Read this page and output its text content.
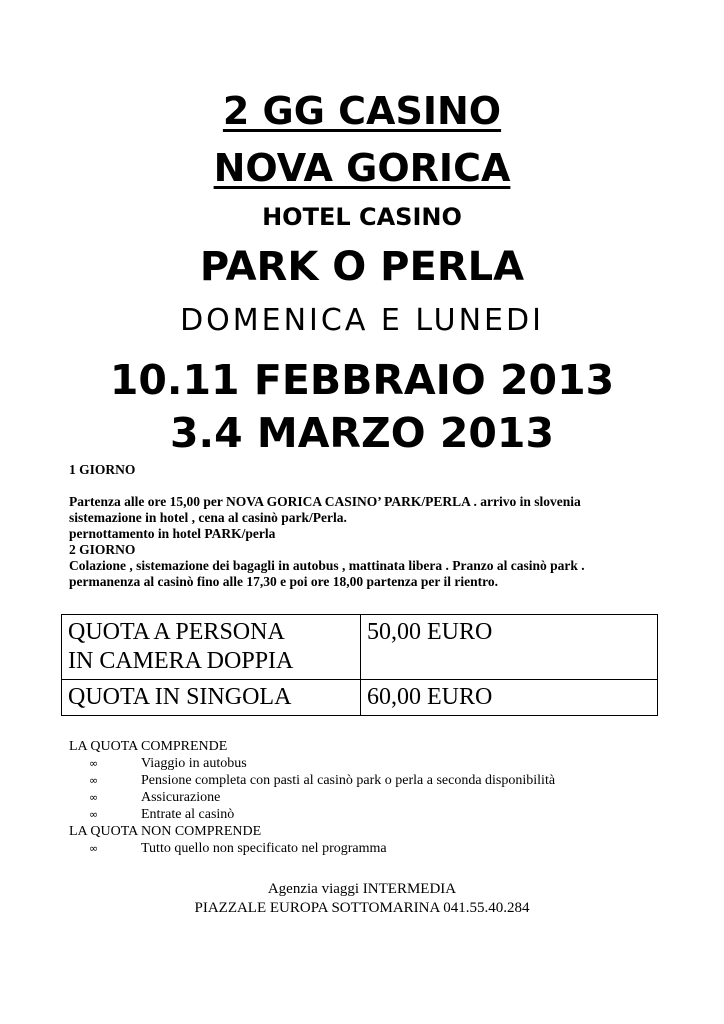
2 GG CASINO
NOVA GORICA
HOTEL CASINO
PARK O PERLA
DOMENICA E LUNEDI
10.11 FEBBRAIO 2013
3.4 MARZO 2013
1 GIORNO
Partenza alle ore 15,00 per NOVA GORICA CASINO’ PARK/PERLA . arrivo in slovenia
sistemazione in hotel , cena al casinò park/Perla.
pernottamento in hotel PARK/perla
2 GIORNO
Colazione , sistemazione dei bagagli in autobus , mattinata libera . Pranzo al casinò park .
permanenza al casinò fino alle 17,30 e poi ore 18,00 partenza per il rientro.
QUOTA A PERSONA
IN CAMERA DOPPIA	50,00 EURO

QUOTA IN SINGOLA	60,00 EURO
LA QUOTA COMPRENDE
∞	Viaggio in autobus
∞	Pensione completa con pasti al casinò park o perla a seconda disponibilità
∞	Assicurazione
∞	Entrate al casinò
LA QUOTA NON COMPRENDE
∞	Tutto quello non specificato nel programma
Agenzia viaggi INTERMEDIA
PIAZZALE EUROPA SOTTOMARINA 041.55.40.284
